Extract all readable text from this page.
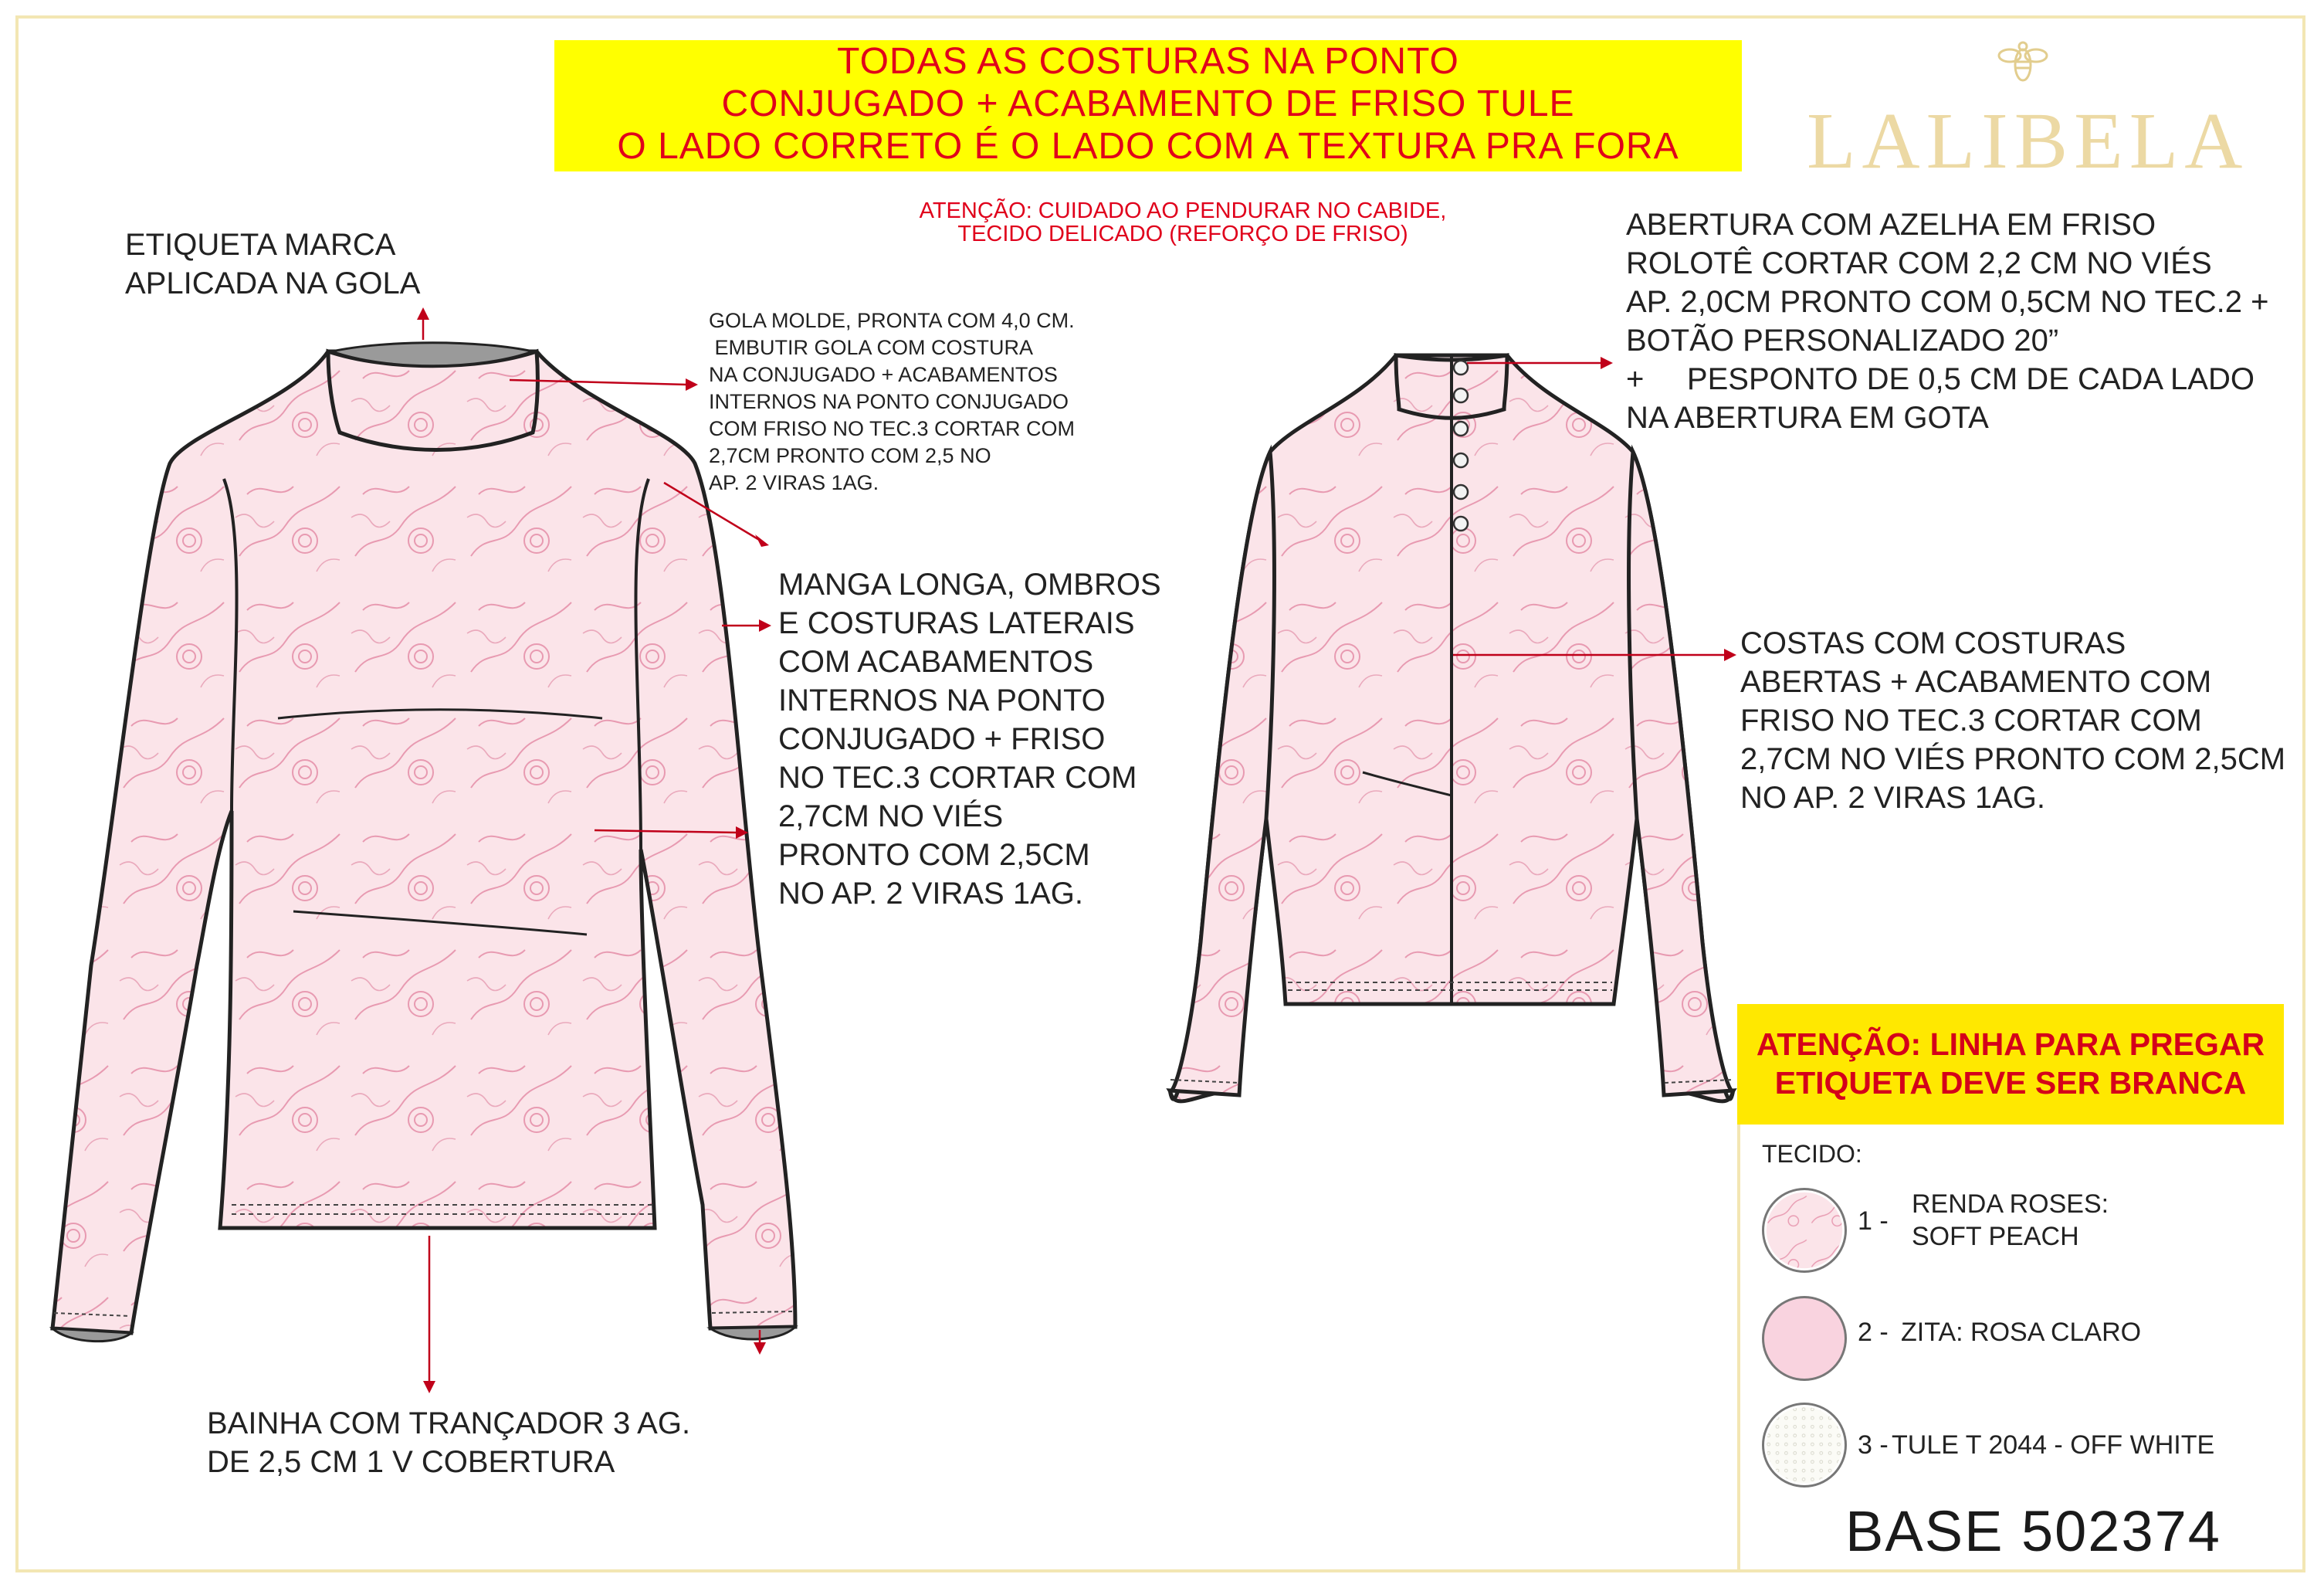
TODAS AS COSTURAS NA PONTO
CONJUGADO + ACABAMENTO DE FRISO TULE
O LADO CORRETO É O LADO COM A TEXTURA PRA FORA
ATENÇÃO: CUIDADO AO PENDURAR NO CABIDE,
TECIDO DELICADO (REFORÇO DE FRISO)
LALIBELA
ETIQUETA MARCA
APLICADA NA GOLA
GOLA MOLDE, PRONTA COM 4,0 CM.
EMBUTIR GOLA COM COSTURA
NA CONJUGADO + ACABAMENTOS
INTERNOS NA PONTO CONJUGADO
COM FRISO NO TEC.3 CORTAR COM
2,7CM PRONTO COM 2,5 NO
AP. 2 VIRAS 1AG.
MANGA LONGA, OMBROS
E COSTURAS LATERAIS
COM ACABAMENTOS
INTERNOS NA PONTO
CONJUGADO + FRISO
NO TEC.3 CORTAR COM
2,7CM NO VIÉS
PRONTO COM 2,5CM
NO AP. 2 VIRAS 1AG.
BAINHA COM TRANÇADOR 3 AG.
DE 2,5 CM 1 V COBERTURA
ABERTURA COM AZELHA EM FRISO
ROLOTÊ CORTAR COM 2,2 CM NO VIÉS
AP. 2,0CM PRONTO COM 0,5CM NO TEC.2 +
BOTÃO PERSONALIZADO 20”
+     PESPONTO DE 0,5 CM DE CADA LADO
NA ABERTURA EM GOTA
COSTAS COM COSTURAS
ABERTAS + ACABAMENTO COM
FRISO NO TEC.3 CORTAR COM
2,7CM NO VIÉS PRONTO COM 2,5CM
NO AP. 2 VIRAS 1AG.
ATENÇÃO: LINHA PARA PREGAR
ETIQUETA DEVE SER BRANCA
TECIDO:
1 -
RENDA ROSES:
SOFT PEACH
2 - ZITA: ROSA CLARO
3 - TULE T 2044 - OFF WHITE
BASE 502374
